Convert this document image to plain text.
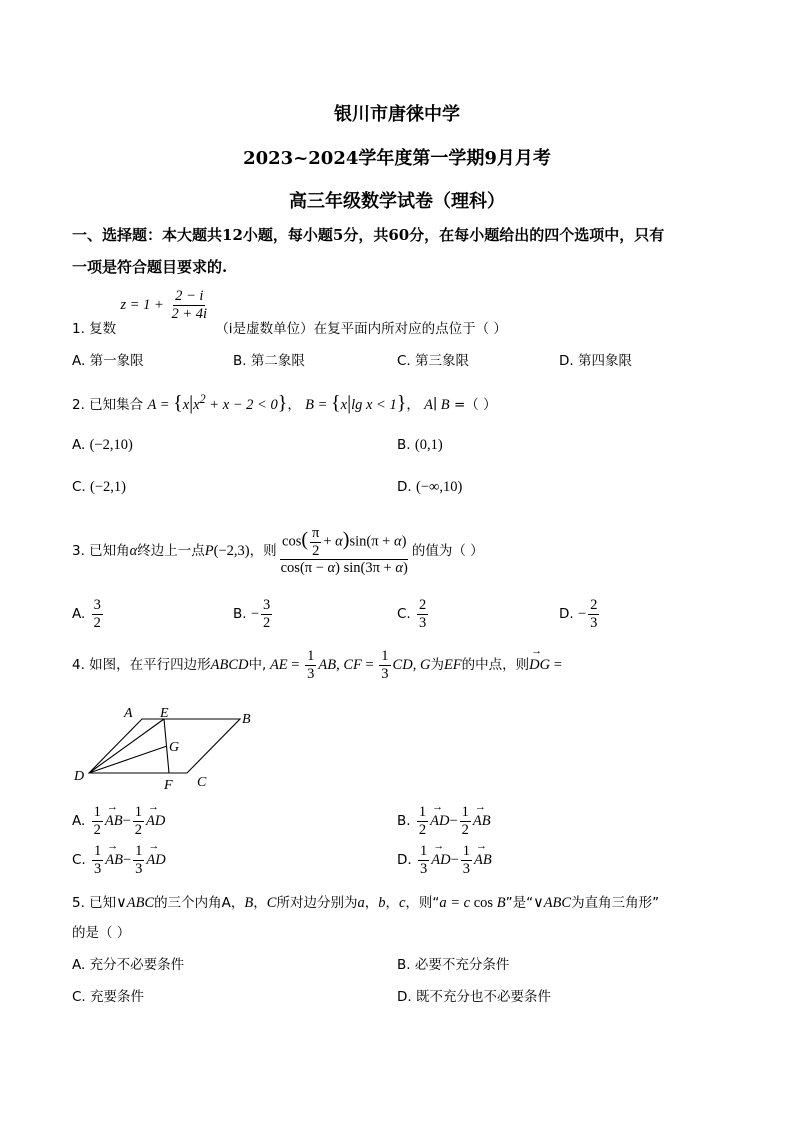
银川市唐徕中学
2023~2024学年度第一学期9月月考
高三年级数学试卷（理科）
一、选择题：本大题共12小题，每小题5分，共60分，在每小题给出的四个选项中，只有
一项是符合题目要求的.
1. 复数 $z = 1 + \frac{2 - i}{2 + 4i}$
（i是虚数单位）在复平面内所对应的点位于（ ）
A. 第一象限	B. 第二象限	C. 第三象限	D. 第四象限
2. 已知集合 $A = \{x|x^2 + x - 2 < 0\}$， B = {x|lg x < 1}， A∣ B =（ ）
A. (−2,10)	B. (0,1)
C. (−2,1)	D. (−∞,10)
3. 已知角α终边上一点P(−2,3)，则 $\frac{\cos( \frac{\pi}{2} + \alpha)\sin(\pi + \alpha)}{\cos(\pi - \alpha) \sin(3\pi + \alpha)}$ 的值为（ ）
A. $\frac{3}{2}$	B. − $\frac{3}{2}$	C. $\frac{2}{3}$	D. − $\frac{2}{3}$
4. 如图，在平行四边形ABCD中, AE = $\frac{1}{3}$ AB, CF = $\frac{1}{3}$ CD, G为EF的中点，则→ DG =
A E	B
G
D
F C
A. $\frac{1}{2}$
→ $AB- \frac{1}{2}$
→ AD	B. $\frac{1}{2}$
→ $AD- \frac{1}{2}$
→ AB
C. $\frac{1}{3}$
→ $AB- \frac{1}{3}$
→ AD	D. $\frac{1}{3}$
→ $AD- \frac{1}{3}$
→ AB
5. 已知∨ABC的三个内角A，B，C所对边分别为a，b，c，则“a = c cos B”是“∨ABC为直角三角形”
的是（ ）
A. 充分不必要条件	B. 必要不充分条件
C. 充要条件	D. 既不充分也不必要条件
